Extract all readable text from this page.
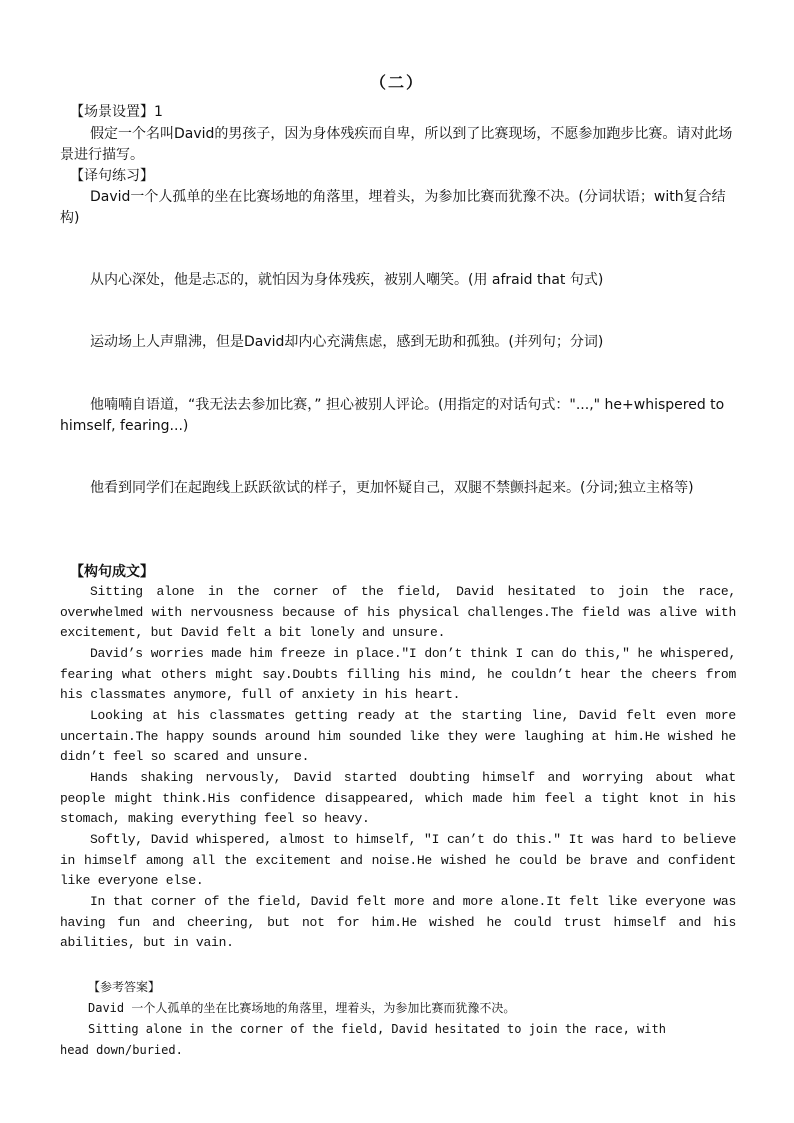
（二）
【场景设置】1

假定一个名叫David的男孩子，因为身体残疾而自卑，所以到了比赛现场，不愿参加跑步比赛。请对此场景进行描写。

【译句练习】

David一个人孤单的坐在比赛场地的角落里，埋着头，为参加比赛而犹豫不决。(分词状语；with复合结构)

从内心深处，他是忐忑的，就怕因为身体残疾，被别人嘲笑。(用 afraid that 句式)

运动场上人声鼎沸，但是David却内心充满焦虑，感到无助和孤独。(并列句；分词)

他喃喃自语道，“我无法去参加比赛，” 担心被别人评论。(用指定的对话句式："...," he+whispered to himself, fearing...)

他看到同学们在起跑线上跃跃欲试的样子，更加怀疑自己，双腿不禁颤抖起来。(分词;独立主格等)

【构句成文】

Sitting alone in the corner of the field, David hesitated to join the race, overwhelmed with nervousness because of his physical challenges.The field was alive with excitement, but David felt a bit lonely and unsure.

David’s worries made him freeze in place."I don’t think I can do this," he whispered, fearing what others might say.Doubts filling his mind, he couldn’t hear the cheers from his classmates anymore, full of anxiety in his heart.

Looking at his classmates getting ready at the starting line, David felt even more uncertain.The happy sounds around him sounded like they were laughing at him.He wished he didn’t feel so scared and unsure.

Hands shaking nervously, David started doubting himself and worrying about what people might think.His confidence disappeared, which made him feel a tight knot in his stomach, making everything feel so heavy.

Softly, David whispered, almost to himself, "I can’t do this." It was hard to believe in himself among all the excitement and noise.He wished he could be brave and confident like everyone else.

In that corner of the field, David felt more and more alone.It felt like everyone was having fun and cheering, but not for him.He wished he could trust himself and his abilities, but in vain.

【参考答案】

David 一个人孤单的坐在比赛场地的角落里，埋着头，为参加比赛而犹豫不决。

Sitting alone in the corner of the field, David hesitated to join the race, with head down/buried.
